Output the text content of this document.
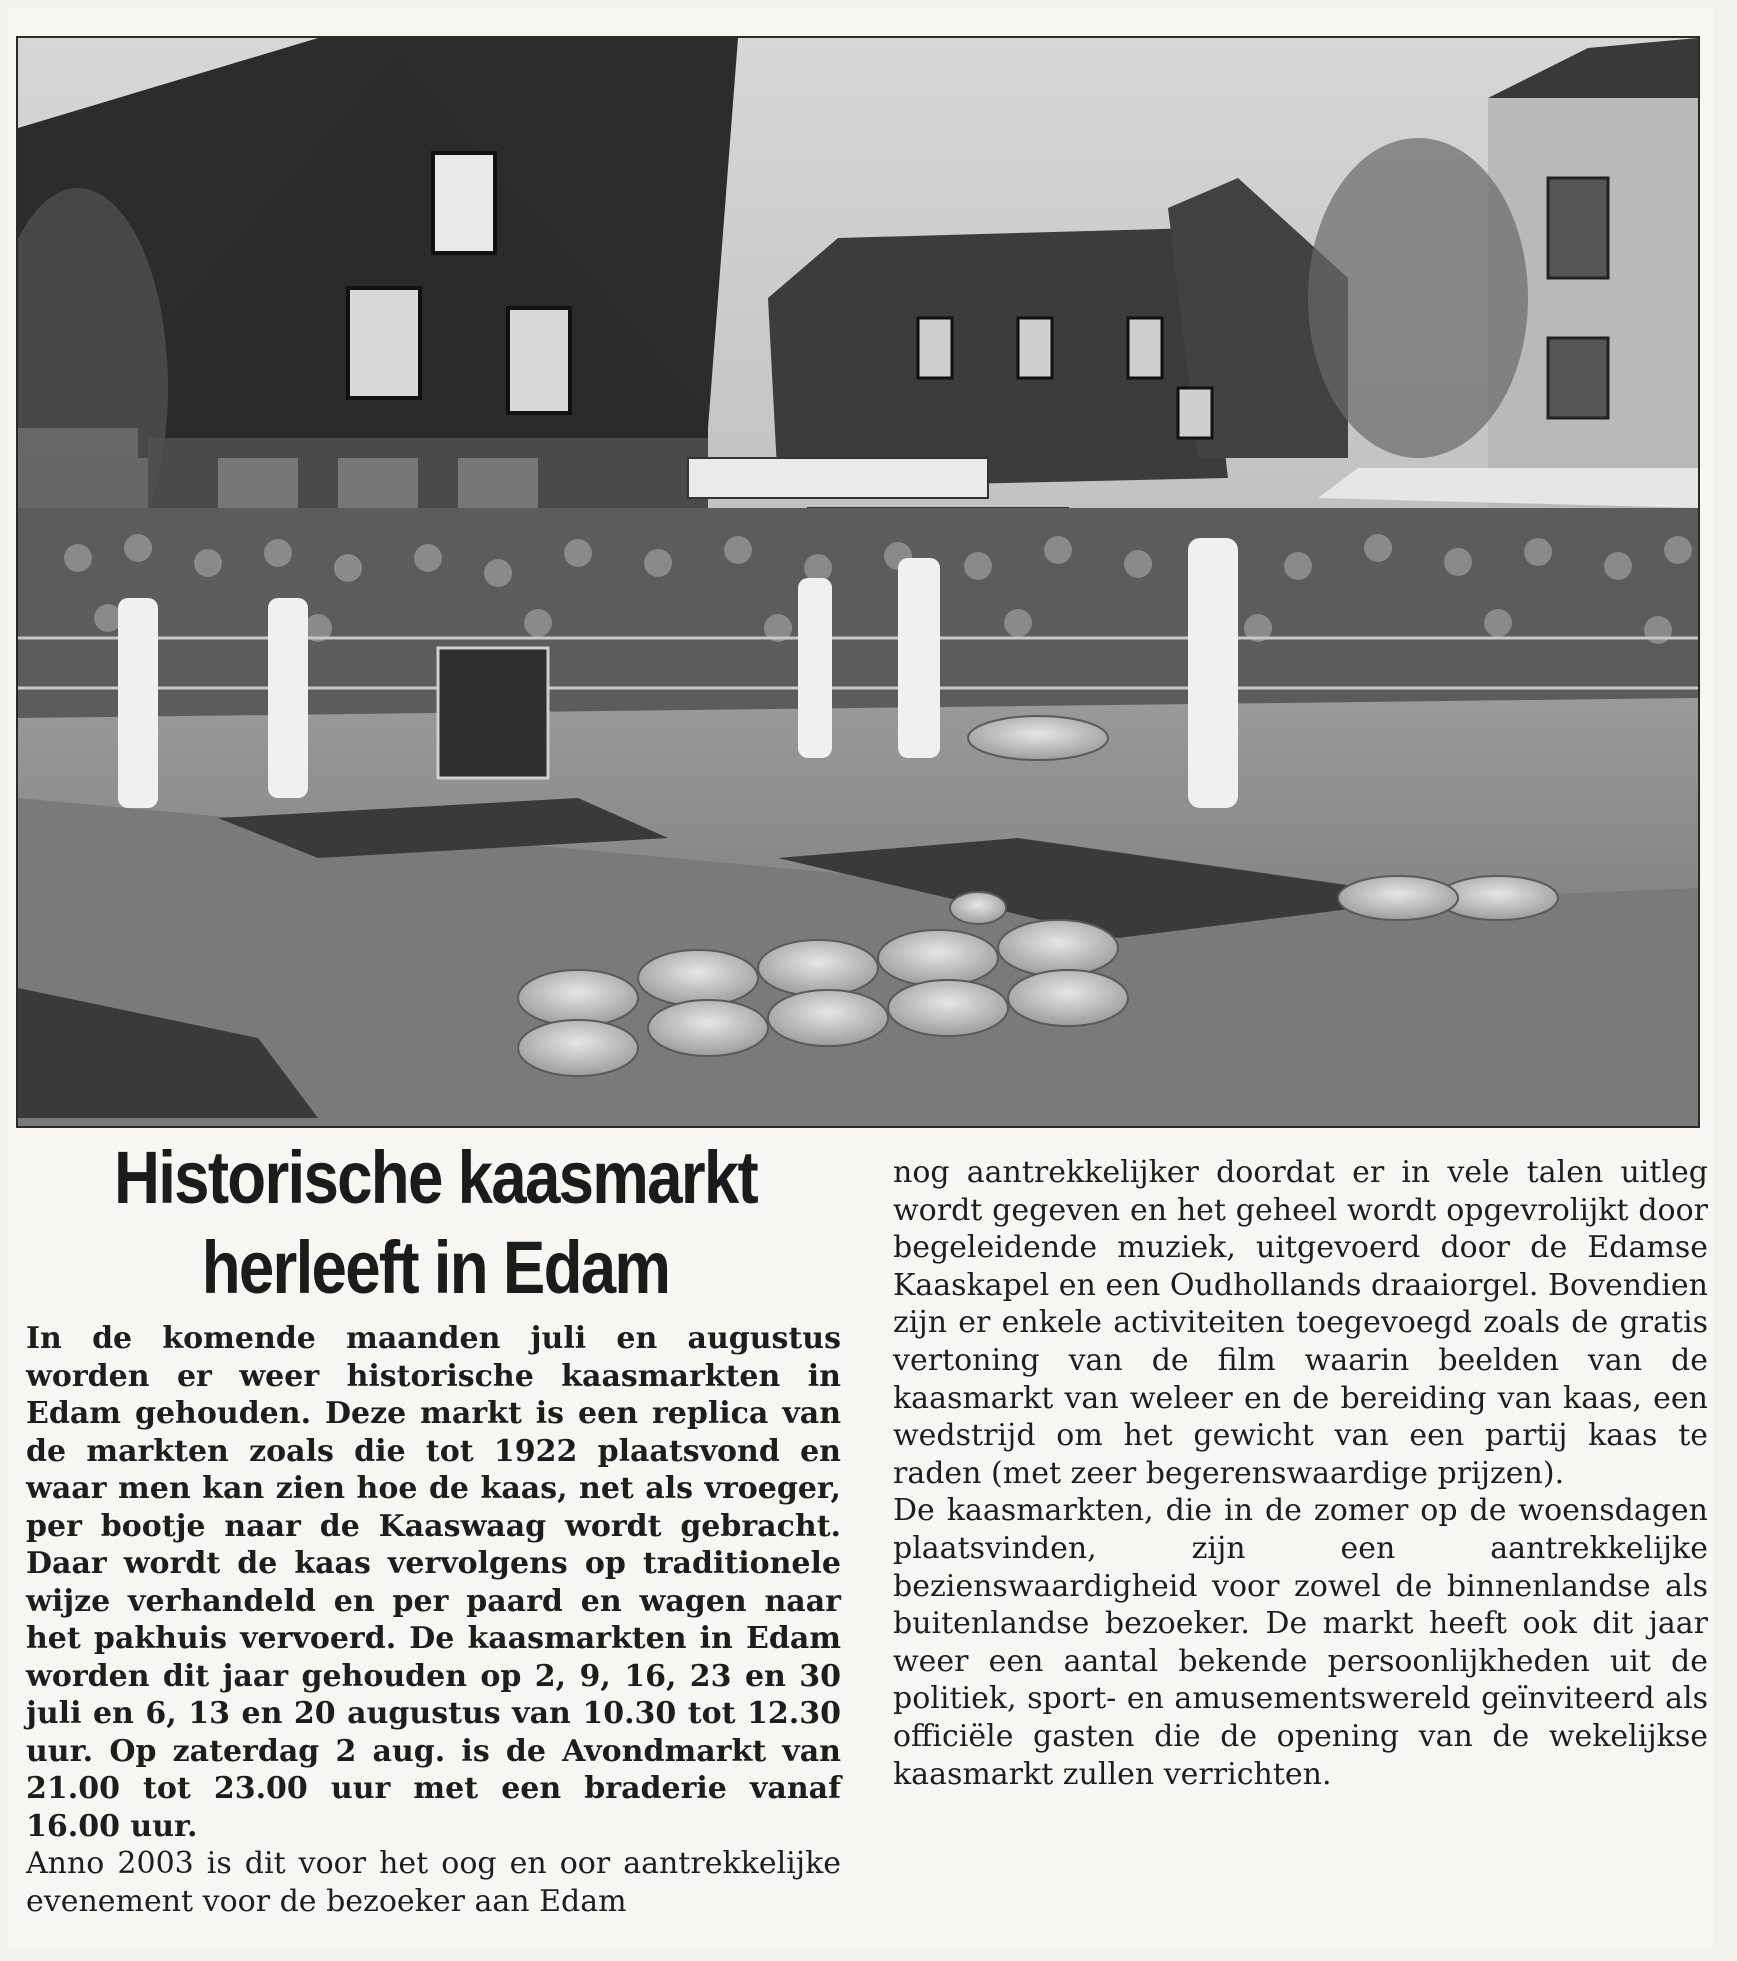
Historische kaasmarkt
herleeft in Edam

In de komende maanden juli en augustus worden er weer historische kaasmarkten in Edam gehouden. Deze markt is een replica van de markten zoals die tot 1922 plaatsvond en waar men kan zien hoe de kaas, net als vroeger, per bootje naar de Kaaswaag wordt gebracht. Daar wordt de kaas vervolgens op traditionele wijze verhandeld en per paard en wagen naar het pakhuis vervoerd. De kaasmarkten in Edam worden dit jaar gehouden op 2, 9, 16, 23 en 30 juli en 6, 13 en 20 augustus van 10.30 tot 12.30 uur. Op zaterdag 2 aug. is de Avondmarkt van 21.00 tot 23.00 uur met een braderie vanaf 16.00 uur.

Anno 2003 is dit voor het oog en oor aantrekkelijke evenement voor de bezoeker aan Edam

nog aantrekkelijker doordat er in vele talen uitleg wordt gegeven en het geheel wordt opgevrolijkt door begeleidende muziek, uitgevoerd door de Edamse Kaaskapel en een Oudhollands draaiorgel. Bovendien zijn er enkele activiteiten toegevoegd zoals de gratis vertoning van de film waarin beelden van de kaasmarkt van weleer en de bereiding van kaas, een wedstrijd om het gewicht van een partij kaas te raden (met zeer begerenswaardige prijzen).

De kaasmarkten, die in de zomer op de woensdagen plaatsvinden, zijn een aantrekkelijke bezienswaardigheid voor zowel de binnenlandse als buitenlandse bezoeker. De markt heeft ook dit jaar weer een aantal bekende persoonlijkheden uit de politiek, sport- en amusementswereld geïnviteerd als officiële gasten die de opening van de wekelijkse kaasmarkt zullen verrichten.
